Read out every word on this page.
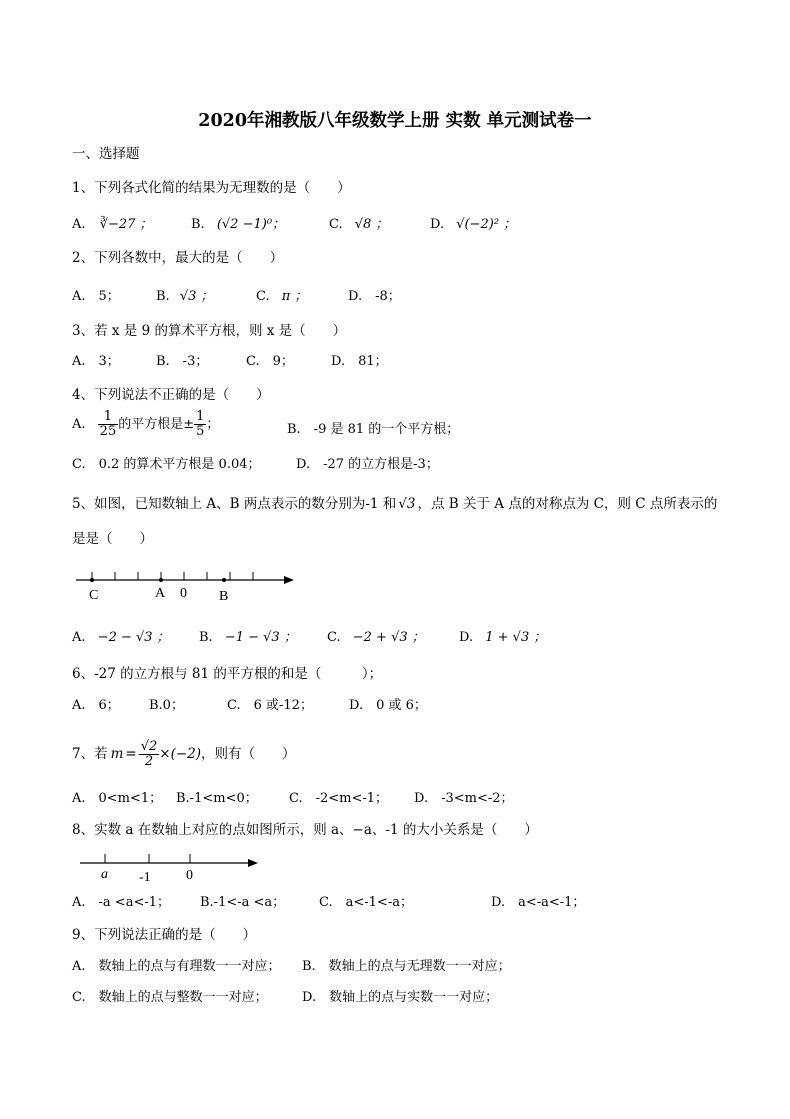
2020年湘教版八年级数学上册 实数 单元测试卷一
一、选择题
1、下列各式化简的结果为无理数的是（　　）
A. ∛−27 ；	B. (√2 −1)⁰；	C. √8 ；	D. √(−2)² ；
2、下列各数中，最大的是（　　）
A.　5；	B. √3 ；	C. π ；	D.　-8；
3、若 x 是 9 的算术平方根，则 x 是（　　）
A.　3；	B.　-3；	C.　9；	D.　81；
4、下列说法不正确的是（　　）
A. $\frac{1}{25}$ 的平方根是± $\frac{1}{5}$ ；	B.　-9 是 81 的一个平方根；
C.　0.2 的算术平方根是 0.04；	D.　-27 的立方根是-3；
5、如图，已知数轴上 A、B 两点表示的数分别为-1 和 √3 ，点 B 关于 A 点的对称点为 C，则 C 点所表示的
是是（　　）
C	A 0 B
A. −2 − √3 ； B. −1 − √3 ； C. −2 + √3 ；	D. 1 + √3 ；
6、-27 的立方根与 81 的平方根的和是（　　　）；
A.　6； B.0；	C.　6 或-12；	D.　0 或 6；
7、若 $m = \frac{√2}{2} \times(-2)$，则有（　　）
A.　0<m<1； B.-1<m<0； C.　-2<m<-1； D.　-3<m<-2；
8、实数 a 在数轴上对应的点如图所示，则 a、−a、-1 的大小关系是（　　）
a -1	0
A.　-a <a<-1； B.-1<-a <a；	C.　a<-1<-a；	D.　a<-a<-1；
9、下列说法正确的是（　　）
A.　数轴上的点与有理数一一对应； B.　数轴上的点与无理数一一对应；
C.　数轴上的点与整数一一对应；	D.　数轴上的点与实数一一对应；
